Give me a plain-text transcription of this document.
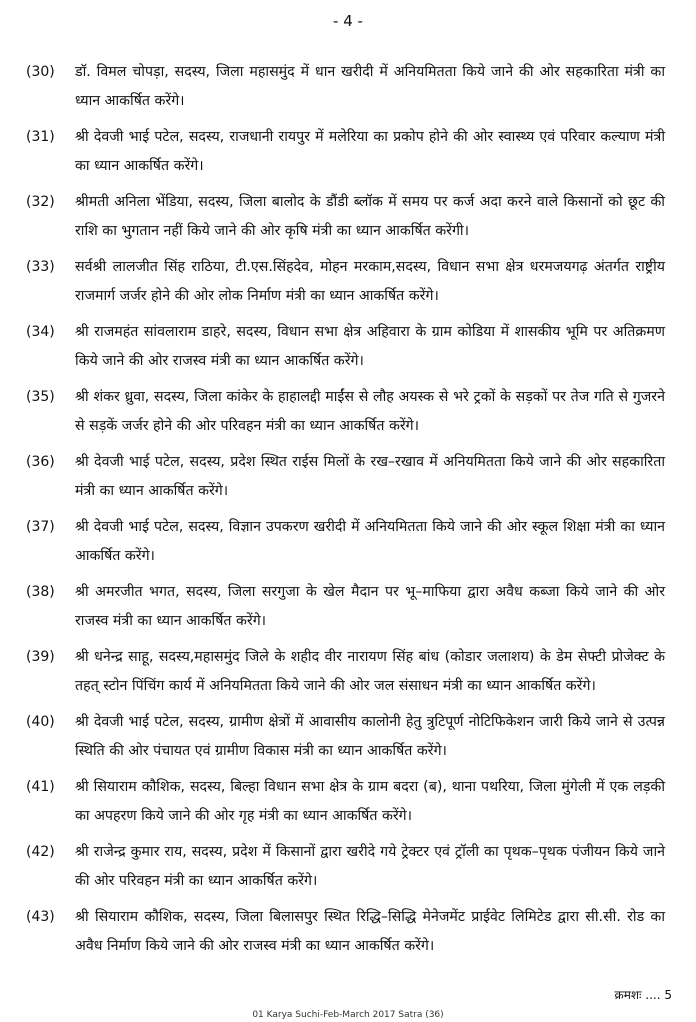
- 4 -
(30)	डॉ. विमल चोपड़ा, सदस्य, जिला महासमुंद में धान खरीदी में अनियमितता किये जाने की ओर सहकारिता मंत्री का ध्यान आकर्षित करेंगे।
(31)	श्री देवजी भाई पटेल, सदस्य, राजधानी रायपुर में मलेरिया का प्रकोप होने की ओर स्वास्थ्य एवं परिवार कल्याण मंत्री का ध्यान आकर्षित करेंगे।
(32)	श्रीमती अनिला भेंडिया, सदस्य, जिला बालोद के डौंडी ब्लॉक में समय पर कर्ज अदा करने वाले किसानों को छूट की राशि का भुगतान नहीं किये जाने की ओर कृषि मंत्री का ध्यान आकर्षित करेंगी।
(33)	सर्वश्री लालजीत सिंह राठिया, टी.एस.सिंहदेव, मोहन मरकाम,सदस्य, विधान सभा क्षेत्र धरमजयगढ़ अंतर्गत राष्ट्रीय राजमार्ग जर्जर होने की ओर लोक निर्माण मंत्री का ध्यान आकर्षित करेंगे।
(34)	श्री राजमहंत सांवलाराम डाहरे, सदस्य, विधान सभा क्षेत्र अहिवारा के ग्राम कोडिया में शासकीय भूमि पर अतिक्रमण किये जाने की ओर राजस्व मंत्री का ध्यान आकर्षित करेंगे।
(35)	श्री शंकर ध्रुवा, सदस्य, जिला कांकेर के हाहालद्दी माईंस से लौह अयस्क से भरे ट्रकों के सड़कों पर तेज गति से गुजरने से सड़कें जर्जर होने की ओर परिवहन मंत्री का ध्यान आकर्षित करेंगे।
(36)	श्री देवजी भाई पटेल, सदस्य, प्रदेश स्थित राईस मिलों के रख–रखाव में अनियमितता किये जाने की ओर सहकारिता मंत्री का ध्यान आकर्षित करेंगे।
(37)	श्री देवजी भाई पटेल, सदस्य, विज्ञान उपकरण खरीदी में अनियमितता किये जाने की ओर स्कूल शिक्षा मंत्री का ध्यान आकर्षित करेंगे।
(38)	श्री अमरजीत भगत, सदस्य, जिला सरगुजा के खेल मैदान पर भू–माफिया द्वारा अवैध कब्जा किये जाने की ओर राजस्व मंत्री का ध्यान आकर्षित करेंगे।
(39)	श्री धनेन्द्र साहू, सदस्य,महासमुंद जिले के शहीद वीर नारायण सिंह बांध (कोडार जलाशय) के डेम सेफ्टी प्रोजेक्ट के तहत् स्टोन पिंचिंग कार्य में अनियमितता किये जाने की ओर जल संसाधन मंत्री का ध्यान आकर्षित करेंगे।
(40)	श्री देवजी भाई पटेल, सदस्य, ग्रामीण क्षेत्रों में आवासीय कालोनी हेतु त्रुटिपूर्ण नोटिफिकेशन जारी किये जाने से उत्पन्न स्थिति की ओर पंचायत एवं ग्रामीण विकास मंत्री का ध्यान आकर्षित करेंगे।
(41)	श्री सियाराम कौशिक, सदस्य, बिल्हा विधान सभा क्षेत्र के ग्राम बदरा (ब), थाना पथरिया, जिला मुंगेली में एक लड़की का अपहरण किये जाने की ओर गृह मंत्री का ध्यान आकर्षित करेंगे।
(42)	श्री राजेन्द्र कुमार राय, सदस्य, प्रदेश में किसानों द्वारा खरीदे गये ट्रेक्टर एवं ट्रॉली का पृथक–पृथक पंजीयन किये जाने की ओर परिवहन मंत्री का ध्यान आकर्षित करेंगे।
(43)	श्री सियाराम कौशिक, सदस्य, जिला बिलासपुर स्थित रिद्धि–सिद्धि मेनेजमेंट प्राईवेट लिमिटेड द्वारा सी.सी. रोड का अवैध निर्माण किये जाने की ओर राजस्व मंत्री का ध्यान आकर्षित करेंगे।
क्रमशः .... 5
01 Karya Suchi-Feb-March 2017 Satra (36)
